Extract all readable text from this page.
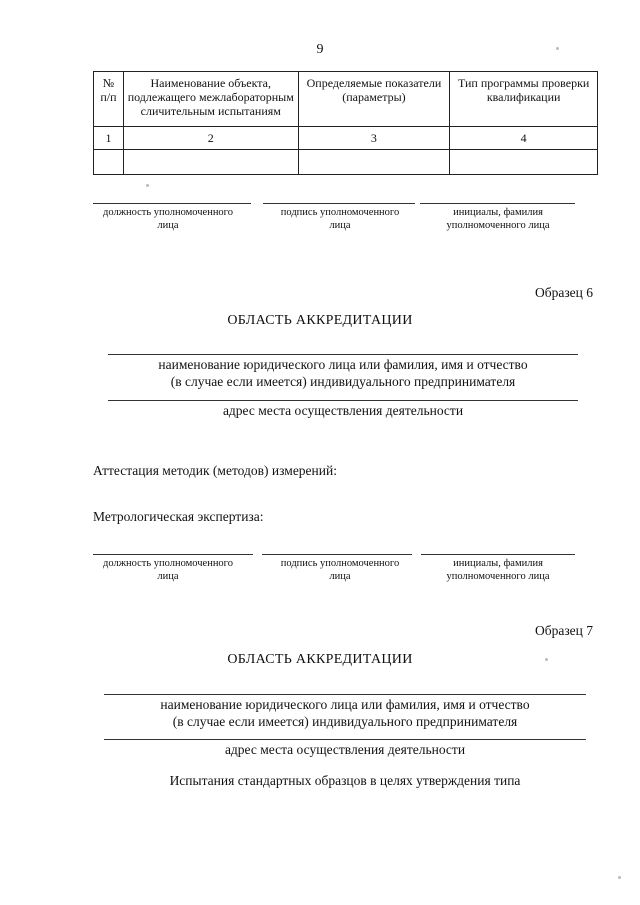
9
№ п/п	Наименование объекта, подлежащего межлабораторным сличительным испытаниям	Определяемые показатели (параметры)	Тип программы проверки квалификации
1	2	3	4

должность уполномоченного лица
подпись уполномоченного лица
инициалы, фамилия уполномоченного лица
Образец 6
ОБЛАСТЬ АККРЕДИТАЦИИ
наименование юридического лица или фамилия, имя и отчество
(в случае если имеется) индивидуального предпринимателя
адрес места осуществления деятельности
Аттестация методик (методов) измерений:
Метрологическая экспертиза:
должность уполномоченного лица
подпись уполномоченного лица
инициалы, фамилия уполномоченного лица
Образец 7
ОБЛАСТЬ АККРЕДИТАЦИИ
наименование юридического лица или фамилия, имя и отчество
(в случае если имеется) индивидуального предпринимателя
адрес места осуществления деятельности
Испытания стандартных образцов в целях утверждения типа
